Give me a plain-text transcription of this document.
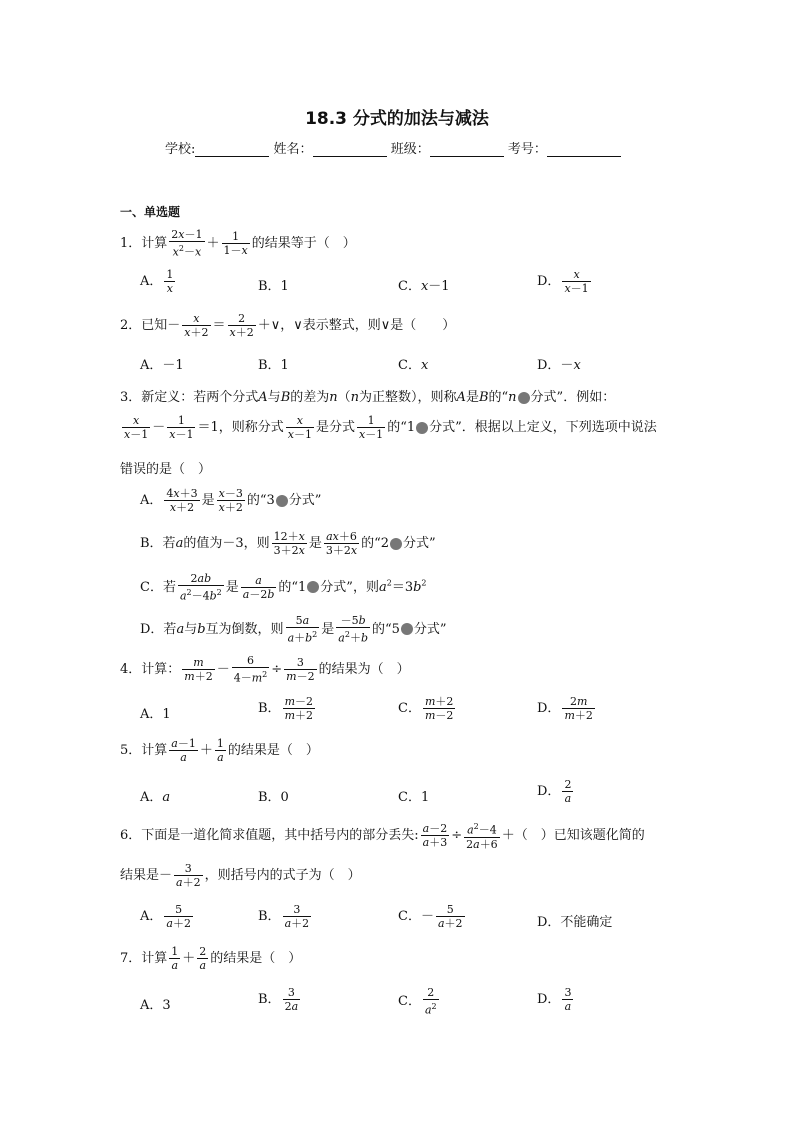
18.3 分式的加法与减法
学校:	姓名：	班级：	考号：
一、单选题
1．计算 $\frac{2x-1}{x^2-x} + \frac{1}{1-x}$ 的结果等于（　）
A． $\frac{1}{x}$	B．1	C．x－1	D． $\frac{x}{x-1}$
2．已知－ $\frac{x}{x+2} = \frac{2}{x+2}$ ＋∨，∨表示整式，则∨是（　　）
A．－1	B．1	C．x	D．－x
3．新定义：若两个分式A与B的差为n（n为正整数），则称A是B的“n 分式”．例如：
$\frac{x}{x-1} - \frac{1}{x-1} =1$，则称分式 $\frac{x}{x-1}$ 是分式 $\frac{1}{x-1}$ 的“1 分式”．根据以上定义，下列选项中说法
错误的是（　）
A． $\frac{4x+3}{x+2}$ 是 $\frac{x-3}{x+2}$ 的“3 分式”
B．若a的值为－3，则 $\frac{12+x}{3+2x}$ 是 $\frac{ax+6}{3+2x}$ 的“2 分式”
C．若 $\frac{2ab}{a^2-4b^2}$ 是 $\frac{a}{a-2b}$ 的“1 分式”，则$a^2=3b^2$
D．若a与b互为倒数，则 $\frac{5a}{a+b^2}$ 是 $\frac{-5b}{a^2+b}$ 的“5 分式”
4．计算： $\frac{m}{m+2} - \frac{6}{4-m^2} \div \frac{3}{m-2}$ 的结果为（　）
A．1	B． $\frac{m-2}{m+2}$	C． $\frac{m+2}{m-2}$	D． $\frac{2m}{m+2}$
5．计算 $\frac{a-1}{a} + \frac{1}{a}$ 的结果是（　）
A．a	B．0	C．1	D． $\frac{2}{a}$
6．下面是一道化简求值题，其中括号内的部分丢失: $\frac{a-2}{a+3} \div \frac{a^2-4}{2a+6}$ ＋（　）已知该题化简的
结果是－ $\frac{3}{a+2}$ ，则括号内的式子为（　）
A． $\frac{5}{a+2}$	B． $\frac{3}{a+2}$	C．－ $\frac{5}{a+2}$	D．不能确定
7．计算 $\frac{1}{a} + \frac{2}{a}$ 的结果是（　）
A．3	B． $\frac{3}{2a}$	C． $\frac{2}{a^2}$	D． $\frac{3}{a}$
